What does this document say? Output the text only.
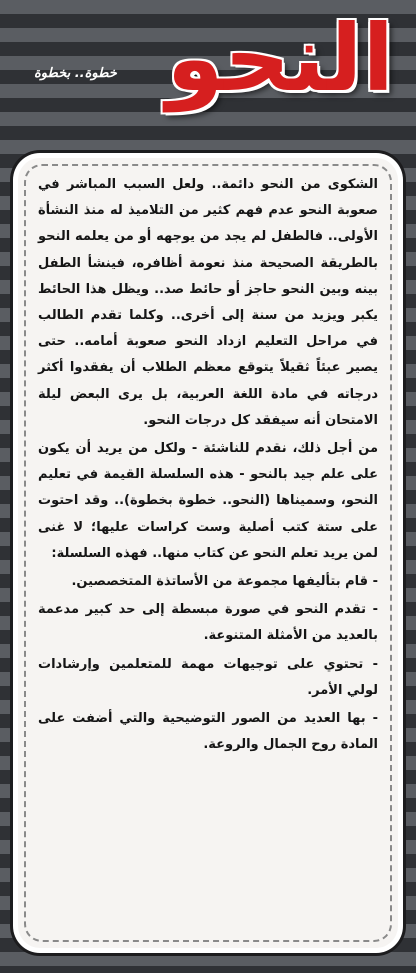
النحو
خطوة.. بخطوة

الشكوى من النحو دائمة.. ولعل السبب المباشر في صعوبة النحو عدم فهم كثير من التلاميذ له منذ النشأة الأولى.. فالطفل لم يجد من يوجهه أو من يعلمه النحو بالطريقة الصحيحة منذ نعومة أظافره، فينشأ الطفل بينه وبين النحو حاجز أو حائط صد.. ويظل هذا الحائط يكبر ويزيد من سنة إلى أخرى.. وكلما تقدم الطالب في مراحل التعليم ازداد النحو صعوبة أمامه.. حتى يصير عبئاً ثقيلاً يتوقع معظم الطلاب أن يفقدوا أكثر درجاته في مادة اللغة العربية، بل يرى البعض ليلة الامتحان أنه سيفقد كل درجات النحو.

من أجل ذلك، نقدم للناشئة - ولكل من يريد أن يكون على علم جيد بالنحو - هذه السلسلة القيمة في تعليم النحو، وسميناها (النحو.. خطوة بخطوة).. وقد احتوت على ستة كتب أصلية وست كراسات عليها؛ لا غنى لمن يريد تعلم النحو عن كتاب منها.. فهذه السلسلة:

- قام بتأليفها مجموعة من الأساتذة المتخصصين.

- تقدم النحو في صورة مبسطة إلى حد كبير مدعمة بالعديد من الأمثلة المتنوعة.

- تحتوي على توجيهات مهمة للمتعلمين وإرشادات لولي الأمر.

- بها العديد من الصور التوضيحية والتي أضفت على المادة روح الجمال والروعة.
